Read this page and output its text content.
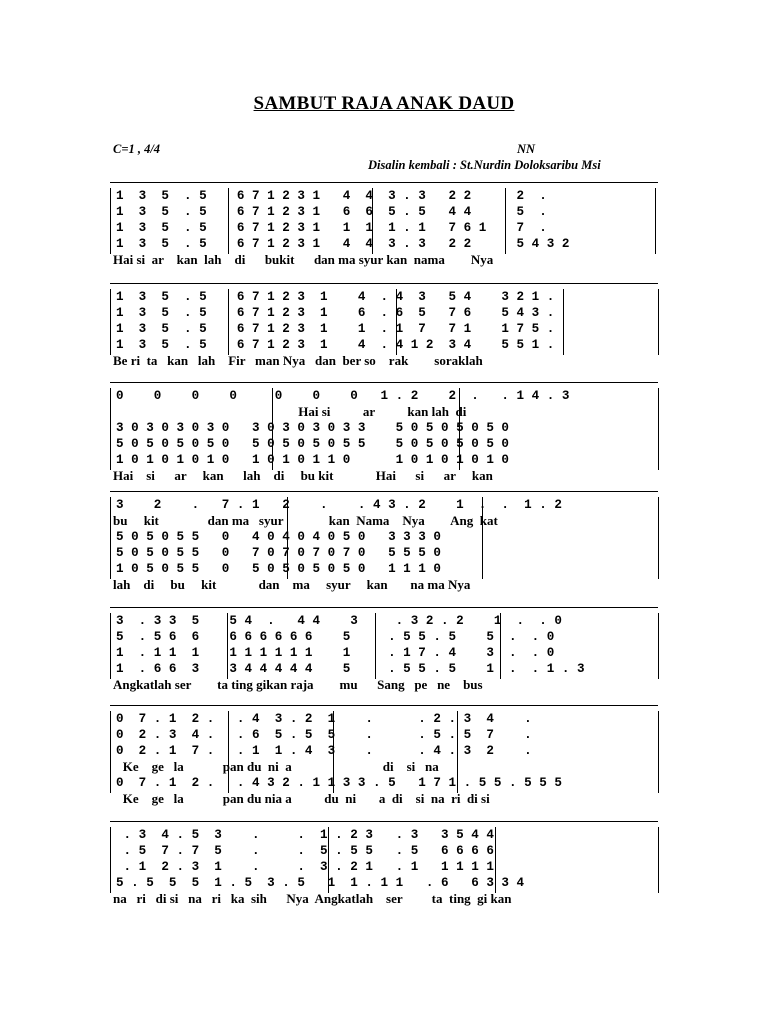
SAMBUT RAJA ANAK DAUD
C=1 , 4/4	NN
Disalin kembali : St.Nurdin Doloksaribu Msi
1  3  5  . 5    6 7 1 2 3 1   4  4  3 . 3   2 2      2  .
1  3  5  . 5    6 7 1 2 3 1   6  6  5 . 5   4 4      5  .
1  3  5  . 5    6 7 1 2 3 1   1  1  1 . 1   7 6 1    7  .
1  3  5  . 5    6 7 1 2 3 1   4  4  3 . 3   2 2      5 4 3 2
Hai si  ar    kan  lah    di      bukit      dan ma syur kan  nama        Nya
1  3  5  . 5    6 7 1 2 3  1    4  . 4  3   5 4    3 2 1 .
1  3  5  . 5    6 7 1 2 3  1    6  . 6  5   7 6    5 4 3 .
1  3  5  . 5    6 7 1 2 3  1    1  . 1  7   7 1    1 7 5 .
1  3  5  . 5    6 7 1 2 3  1    4  . 4 1 2  3 4    5 5 1 .
Be ri  ta   kan   lah    Fir   man Nya   dan  ber so    rak        soraklah
0    0    0    0     0    0    0   1 . 2    2  .   . 1 4 . 3
Hai si          ar          kan lah  di
3 0 3 0 3 0 3 0   3 0 3 0 3 0 3 3    5 0 5 0 5 0 5 0
5 0 5 0 5 0 5 0   5 0 5 0 5 0 5 5    5 0 5 0 5 0 5 0
1 0 1 0 1 0 1 0   1 0 1 0 1 1 0      1 0 1 0 1 0 1 0
Hai    si      ar     kan      lah    di     bu kit             Hai      si      ar     kan
3    2    .   7 . 1   2    .    . 4 3 . 2    1  .  .  1 . 2
bu     kit               dan ma   syur              kan  Nama    Nya        Ang  kat
5 0 5 0 5 5   0   4 0 4 0 4 0 5 0   3 3 3 0
5 0 5 0 5 5   0   7 0 7 0 7 0 7 0   5 5 5 0
1 0 5 0 5 5   0   5 0 5 0 5 0 5 0   1 1 1 0
lah    di     bu     kit             dan    ma     syur     kan       na ma Nya
3  . 3 3  5    5 4  .   4 4    3     . 3 2 . 2    1  .  . 0
5  . 5 6  6    6 6 6 6 6 6    5     . 5 5 . 5    5  .  . 0
1  . 1 1  1    1 1 1 1 1 1    1     . 1 7 . 4    3  .  . 0
1  . 6 6  3    3 4 4 4 4 4    5     . 5 5 . 5    1  .  . 1 . 3
Angkatlah ser        ta ting gikan raja        mu      Sang   pe   ne    bus
0  7 . 1  2 .   . 4  3 . 2  1    .      . 2 . 3  4    .
0  2 . 3  4 .   . 6  5 . 5  5    .      . 5 . 5  7    .
0  2 . 1  7 .   . 1  1 . 4  3    .      . 4 . 3  2    .
Ke    ge   la            pan du  ni  a                            di    si   na
0  7 . 1  2 .   . 4 3 2 . 1 1 3 3 . 5   1 7 1 . 5 5 . 5 5 5
Ke    ge   la            pan du nia a          du  ni       a  di    si  na  ri  di si
. 3  4 . 5  3    .     .  1 . 2 3   . 3   3 5 4 4
. 5  7 . 7  5    .     .  5 . 5 5   . 5   6 6 6 6
. 1  2 . 3  1    .     .  3 . 2 1   . 1   1 1 1 1
5 . 5  5  5  1 . 5  3 . 5   1  1 . 1 1   . 6   6 3 3 4
na   ri   di si   na   ri   ka  sih      Nya  Angkatlah    ser         ta  ting  gi kan
